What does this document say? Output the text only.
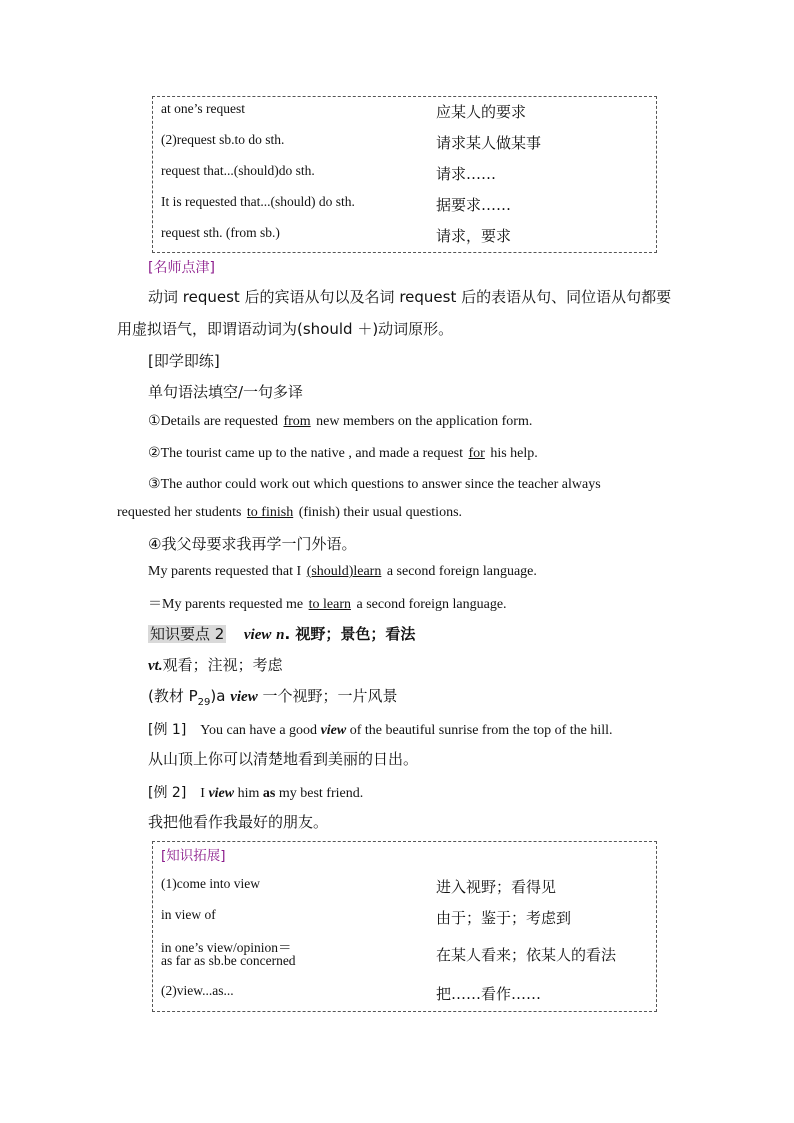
at one’s request	应某人的要求
(2)request sb.to do sth.	请求某人做某事
request that...(should)do sth.	请求……
It is requested that...(should) do sth.	据要求……
request sth. (from sb.)	请求，要求
[名师点津]
动词 request 后的宾语从句以及名词 request 后的表语从句、同位语从句都要
用虚拟语气，即谓语动词为(should ＋)动词原形。
[即学即练]
单句语法填空/一句多译
①Details are requested from new members on the application form.
②The tourist came up to the native , and made a request for his help.
③The author could work out which questions to answer since the teacher always
requested her students to finish (finish) their usual questions.
④我父母要求我再学一门外语。
My parents requested that I (should)learn a second foreign language.
＝My parents requested me to learn a second foreign language.
知识要点 2 view n. 视野；景色；看法
vt.观看；注视；考虑
(教材 $P_{29})a$ view 一个视野；一片风景
[例 1] You can have a good view of the beautiful sunrise from the top of the hill.
从山顶上你可以清楚地看到美丽的日出。
[例 2] I view him as my best friend.
我把他看作我最好的朋友。
[知识拓展]
(1)come into view	进入视野；看得见
in view of	由于；鉴于；考虑到
in one’s view/opinion＝
as far as sb.be concerned	在某人看来；依某人的看法
(2)view...as...	把……看作……
